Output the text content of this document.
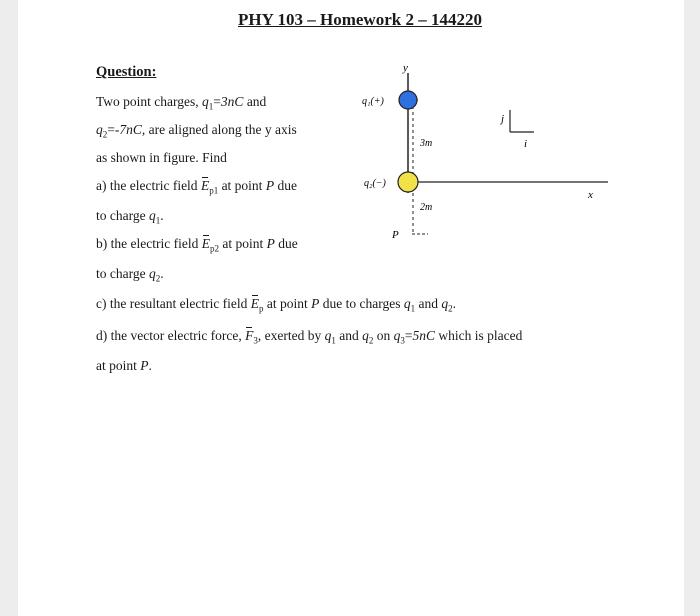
PHY 103 – Homework 2 – 144220
Question:
Two point charges, $q_1=3nC$ and
$q_2=-7nC$, are aligned along the y axis
as shown in figure. Find
a) the electric field $E_{p1}$ at point P due
to charge $q_1$.
b) the electric field $E_{p2}$ at point P due
to charge $q_2$.
c) the resultant electric field $E_p$ at point P due to charges $q_1$ and $q_2$.
d) the vector electric force, $F_3$, exerted by $q_1$ and $q_2$ on $q_3=5nC$ which is placed
at point P.
y
x
j
i
3m
2m
q₁(+)
q₂(−)
P
